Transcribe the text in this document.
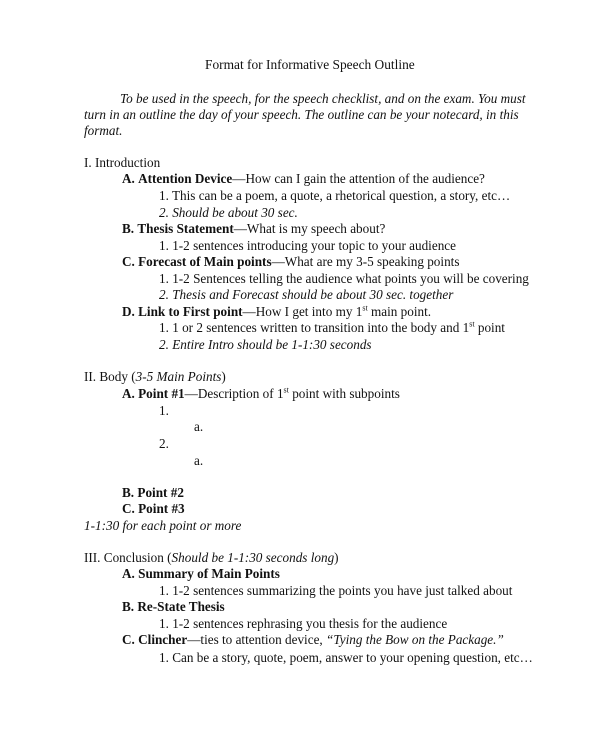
Format for Informative Speech Outline
To be used in the speech, for the speech checklist, and on the exam. You must
turn in an outline the day of your speech. The outline can be your notecard, in this
format.
I. Introduction
A. Attention Device—How can I gain the attention of the audience?
1. This can be a poem, a quote, a rhetorical question, a story, etc…
2. Should be about 30 sec.
B. Thesis Statement—What is my speech about?
1. 1-2 sentences introducing your topic to your audience
C. Forecast of Main points—What are my 3-5 speaking points
1. 1-2 Sentences telling the audience what points you will be covering
2. Thesis and Forecast should be about 30 sec. together
D. Link to First point—How I get into my 1st main point.
1. 1 or 2 sentences written to transition into the body and 1st point
2. Entire Intro should be 1-1:30 seconds
II. Body (3-5 Main Points)
A. Point #1—Description of 1st point with subpoints
1.
a.
2.
a.
B. Point #2
C. Point #3
1-1:30 for each point or more
III. Conclusion (Should be 1-1:30 seconds long)
A. Summary of Main Points
1. 1-2 sentences summarizing the points you have just talked about
B. Re-State Thesis
1. 1-2 sentences rephrasing you thesis for the audience
C. Clincher—ties to attention device, “Tying the Bow on the Package.”
1. Can be a story, quote, poem, answer to your opening question, etc…
